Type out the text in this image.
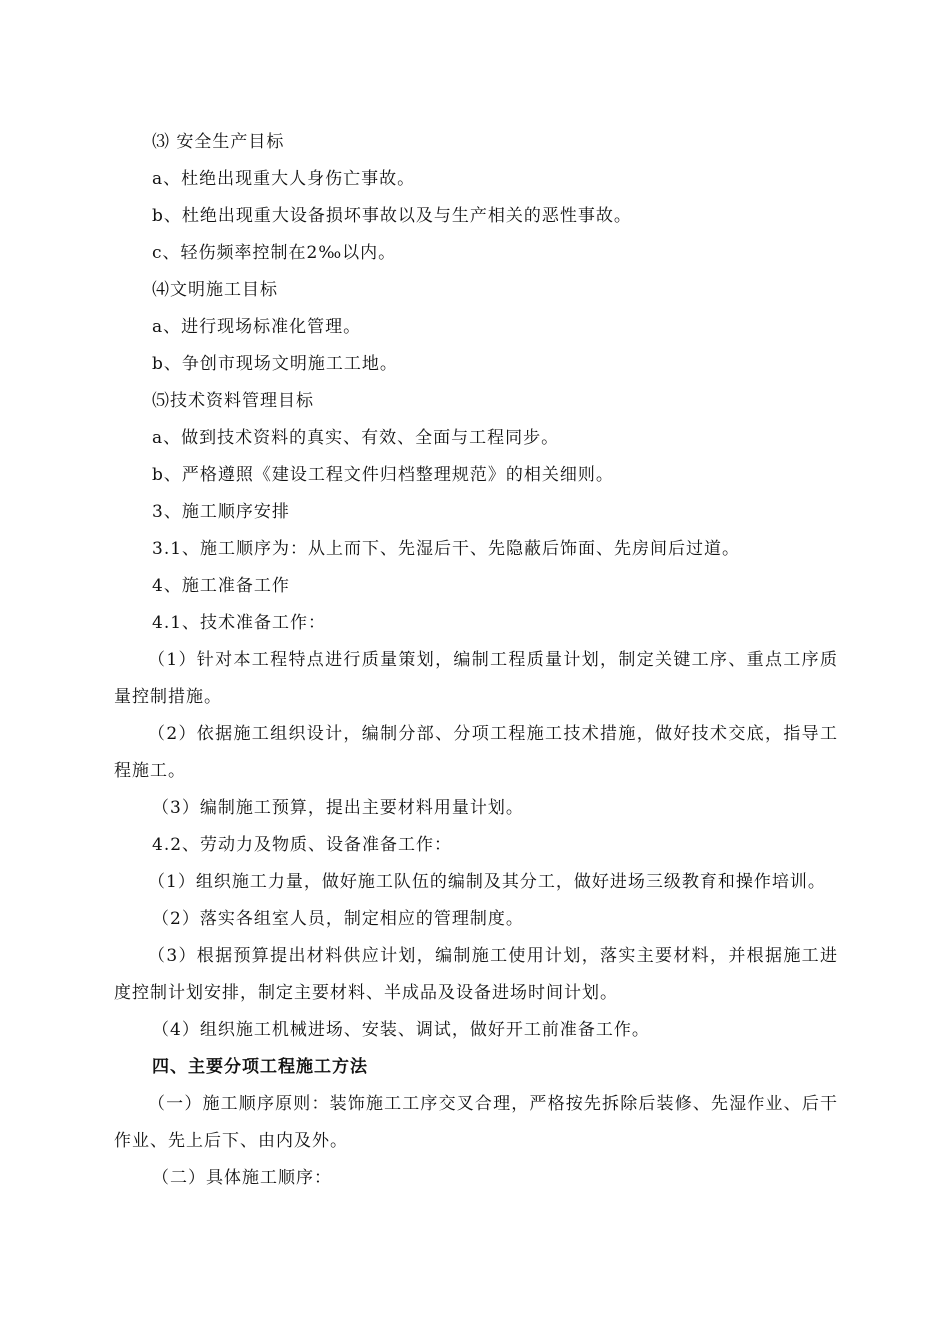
⑶ 安全生产目标
a、杜绝出现重大人身伤亡事故。
b、杜绝出现重大设备损坏事故以及与生产相关的恶性事故。
c、轻伤频率控制在2‰以内。
⑷文明施工目标
a、进行现场标准化管理。
b、争创市现场文明施工工地。
⑸技术资料管理目标
a、做到技术资料的真实、有效、全面与工程同步。
b、严格遵照《建设工程文件归档整理规范》的相关细则。
3、施工顺序安排
3.1、施工顺序为：从上而下、先湿后干、先隐蔽后饰面、先房间后过道。
4、施工准备工作
4.1、技术准备工作：

（1）针对本工程特点进行质量策划，编制工程质量计划，制定关键工序、重点工序质量控制措施。

（2）依据施工组织设计，编制分部、分项工程施工技术措施，做好技术交底，指导工程施工。

（3）编制施工预算，提出主要材料用量计划。
4.2、劳动力及物质、设备准备工作：

（1）组织施工力量，做好施工队伍的编制及其分工，做好进场三级教育和操作培训。

（2）落实各组室人员，制定相应的管理制度。

（3）根据预算提出材料供应计划，编制施工使用计划，落实主要材料，并根据施工进度控制计划安排，制定主要材料、半成品及设备进场时间计划。

（4）组织施工机械进场、安装、调试，做好开工前准备工作。
四、主要分项工程施工方法

（一）施工顺序原则：装饰施工工序交叉合理，严格按先拆除后装修、先湿作业、后干作业、先上后下、由内及外。

（二）具体施工顺序：
